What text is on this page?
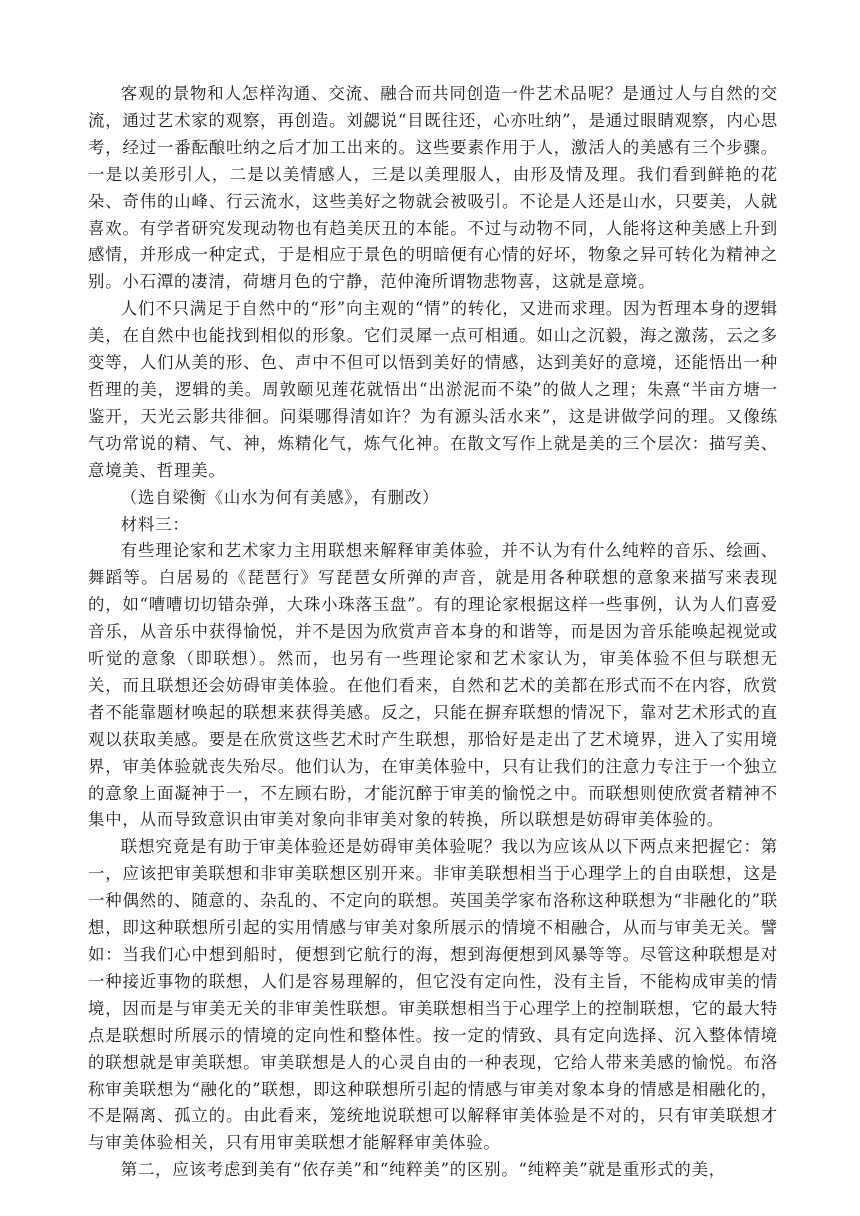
客观的景物和人怎样沟通、交流、融合而共同创造一件艺术品呢？是通过人与自然的交流，通过艺术家的观察，再创造。刘勰说“目既往还，心亦吐纳”，是通过眼睛观察，内心思考，经过一番酝酿吐纳之后才加工出来的。这些要素作用于人，激活人的美感有三个步骤。一是以美形引人，二是以美情感人，三是以美理服人，由形及情及理。我们看到鲜艳的花朵、奇伟的山峰、行云流水，这些美好之物就会被吸引。不论是人还是山水，只要美，人就喜欢。有学者研究发现动物也有趋美厌丑的本能。不过与动物不同，人能将这种美感上升到感情，并形成一种定式，于是相应于景色的明暗便有心情的好坏，物象之异可转化为精神之别。小石潭的凄清，荷塘月色的宁静，范仲淹所谓物悲物喜，这就是意境。

人们不只满足于自然中的“形”向主观的“情”的转化，又进而求理。因为哲理本身的逻辑美，在自然中也能找到相似的形象。它们灵犀一点可相通。如山之沉毅，海之激荡，云之多变等，人们从美的形、色、声中不但可以悟到美好的情感，达到美好的意境，还能悟出一种哲理的美，逻辑的美。周敦颐见莲花就悟出“出淤泥而不染”的做人之理；朱熹“半亩方塘一鉴开，天光云影共徘徊。问渠哪得清如许？为有源头活水来”，这是讲做学问的理。又像练气功常说的精、气、神，炼精化气，炼气化神。在散文写作上就是美的三个层次：描写美、意境美、哲理美。

（选自梁衡《山水为何有美感》，有删改）

材料三：

有些理论家和艺术家力主用联想来解释审美体验，并不认为有什么纯粹的音乐、绘画、舞蹈等。白居易的《琵琶行》写琵琶女所弹的声音，就是用各种联想的意象来描写来表现的，如“嘈嘈切切错杂弹，大珠小珠落玉盘”。有的理论家根据这样一些事例，认为人们喜爱音乐，从音乐中获得愉悦，并不是因为欣赏声音本身的和谐等，而是因为音乐能唤起视觉或听觉的意象（即联想）。然而，也另有一些理论家和艺术家认为，审美体验不但与联想无关，而且联想还会妨碍审美体验。在他们看来，自然和艺术的美都在形式而不在内容，欣赏者不能靠题材唤起的联想来获得美感。反之，只能在摒弃联想的情况下，靠对艺术形式的直观以获取美感。要是在欣赏这些艺术时产生联想，那恰好是走出了艺术境界，进入了实用境界，审美体验就丧失殆尽。他们认为，在审美体验中，只有让我们的注意力专注于一个独立的意象上面凝神于一，不左顾右盼，才能沉醉于审美的愉悦之中。而联想则使欣赏者精神不集中，从而导致意识由审美对象向非审美对象的转换，所以联想是妨碍审美体验的。

联想究竟是有助于审美体验还是妨碍审美体验呢？我以为应该从以下两点来把握它：第一，应该把审美联想和非审美联想区别开来。非审美联想相当于心理学上的自由联想，这是一种偶然的、随意的、杂乱的、不定向的联想。英国美学家布洛称这种联想为“非融化的”联想，即这种联想所引起的实用情感与审美对象所展示的情境不相融合，从而与审美无关。譬如：当我们心中想到船时，便想到它航行的海，想到海便想到风暴等等。尽管这种联想是对一种接近事物的联想，人们是容易理解的，但它没有定向性，没有主旨，不能构成审美的情境，因而是与审美无关的非审美性联想。审美联想相当于心理学上的控制联想，它的最大特点是联想时所展示的情境的定向性和整体性。按一定的情致、具有定向选择、沉入整体情境的联想就是审美联想。审美联想是人的心灵自由的一种表现，它给人带来美感的愉悦。布洛称审美联想为“融化的”联想，即这种联想所引起的情感与审美对象本身的情感是相融化的，不是隔离、孤立的。由此看来，笼统地说联想可以解释审美体验是不对的，只有审美联想才与审美体验相关，只有用审美联想才能解释审美体验。

第二，应该考虑到美有“依存美”和“纯粹美”的区别。“纯粹美”就是重形式的美，
